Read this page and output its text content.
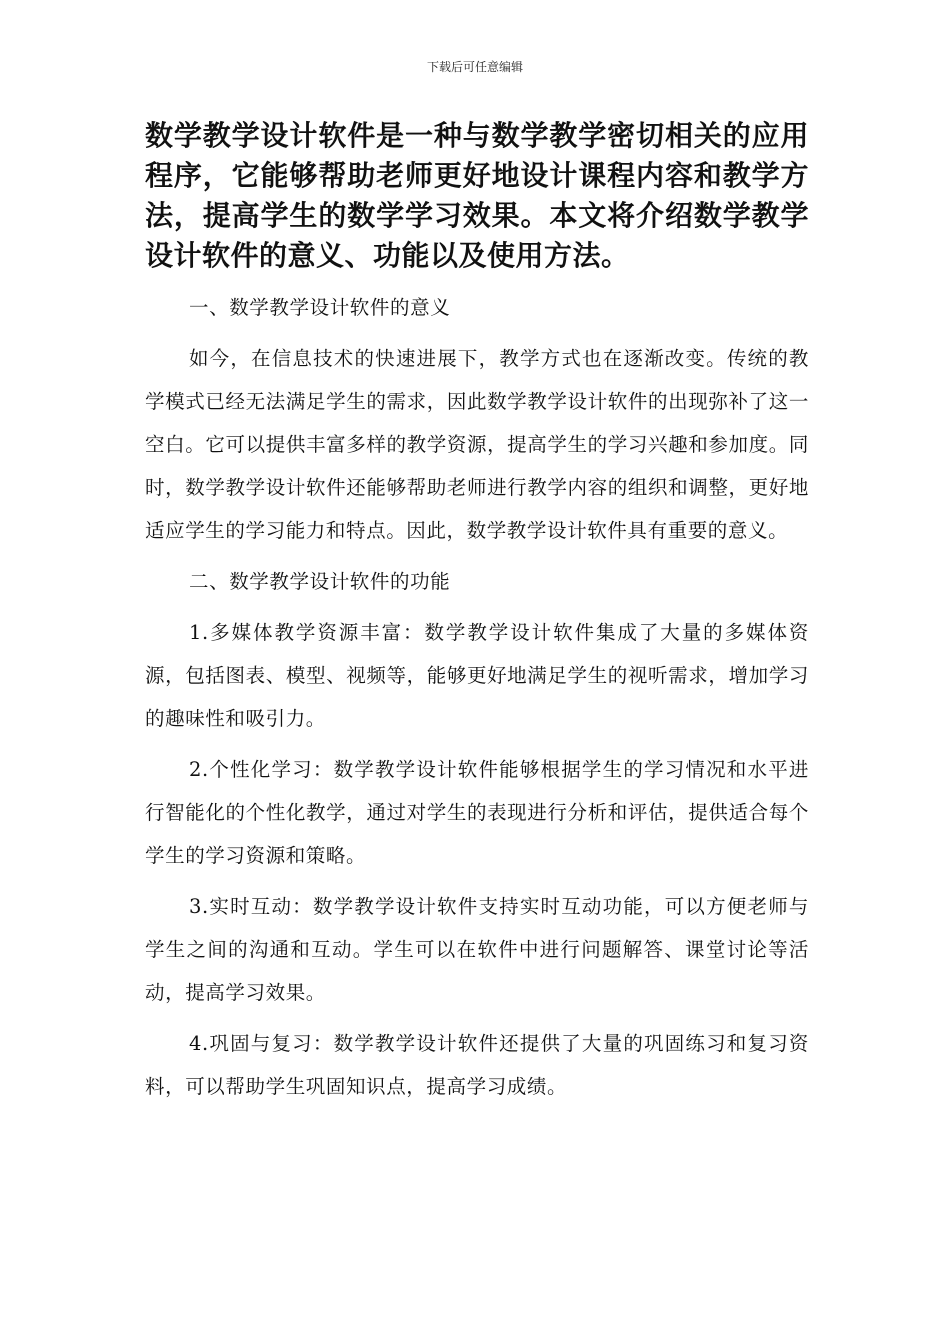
下载后可任意编辑

数学教学设计软件是一种与数学教学密切相关的应用程序，它能够帮助老师更好地设计课程内容和教学方法，提高学生的数学学习效果。本文将介绍数学教学设计软件的意义、功能以及使用方法。

一、数学教学设计软件的意义

如今，在信息技术的快速进展下，教学方式也在逐渐改变。传统的教学模式已经无法满足学生的需求，因此数学教学设计软件的出现弥补了这一空白。它可以提供丰富多样的教学资源，提高学生的学习兴趣和参加度。同时，数学教学设计软件还能够帮助老师进行教学内容的组织和调整，更好地适应学生的学习能力和特点。因此，数学教学设计软件具有重要的意义。

二、数学教学设计软件的功能

1.多媒体教学资源丰富：数学教学设计软件集成了大量的多媒体资源，包括图表、模型、视频等，能够更好地满足学生的视听需求，增加学习的趣味性和吸引力。

2.个性化学习：数学教学设计软件能够根据学生的学习情况和水平进行智能化的个性化教学，通过对学生的表现进行分析和评估，提供适合每个学生的学习资源和策略。

3.实时互动：数学教学设计软件支持实时互动功能，可以方便老师与学生之间的沟通和互动。学生可以在软件中进行问题解答、课堂讨论等活动，提高学习效果。

4.巩固与复习：数学教学设计软件还提供了大量的巩固练习和复习资料，可以帮助学生巩固知识点，提高学习成绩。
